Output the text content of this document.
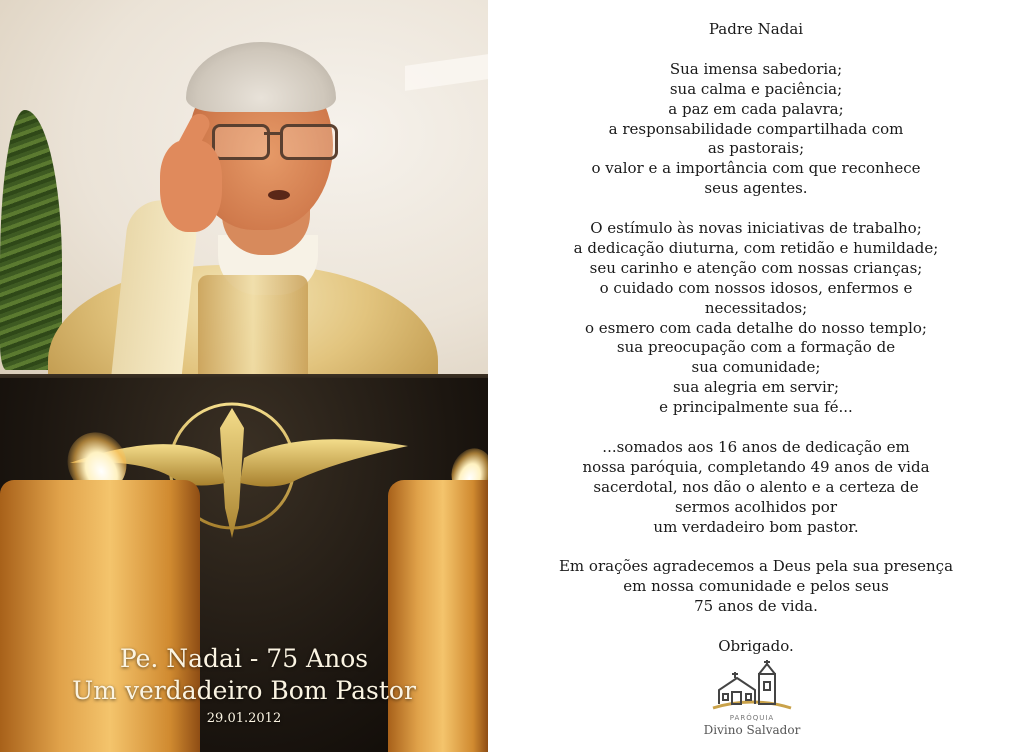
Pe. Nadai - 75 Anos
Um verdadeiro Bom Pastor
29.01.2012
Padre Nadai
Sua imensa sabedoria;
sua calma e paciência;
a paz em cada palavra;
a responsabilidade compartilhada com
as pastorais;
o valor e a importância com que reconhece
seus agentes.
O estímulo às novas iniciativas de trabalho;
a dedicação diuturna, com retidão e humildade;
seu carinho e atenção com nossas crianças;
o cuidado com nossos idosos, enfermos e
necessitados;
o esmero com cada detalhe do nosso templo;
sua preocupação com a formação de
sua comunidade;
sua alegria em servir;
e principalmente sua fé...
...somados aos 16 anos de dedicação em
nossa paróquia, completando 49 anos de vida
sacerdotal, nos dão o alento e a certeza de
sermos acolhidos por
um verdadeiro bom pastor.
Em orações agradecemos a Deus pela sua presença
em nossa comunidade e pelos seus
75 anos de vida.
Obrigado.
PARÓQUIA
Divino Salvador
